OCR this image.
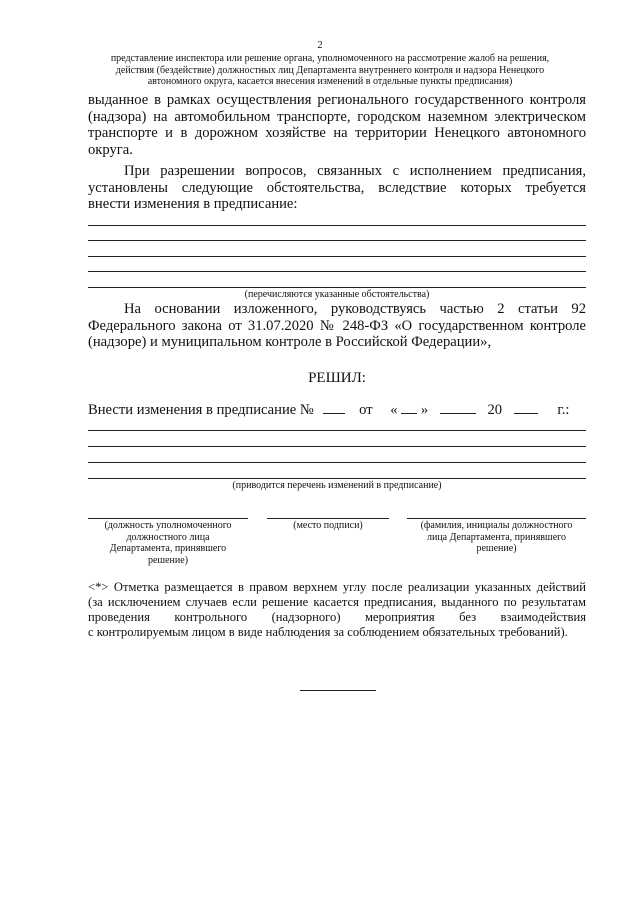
2
представление инспектора или решение органа, уполномоченного на рассмотрение жалоб на решения,
действия (бездействие) должностных лиц Департамента внутреннего контроля и надзора Ненецкого
автономного округа, касается внесения изменений в отдельные пункты предписания)
выданное в рамках осуществления регионального государственного контроля
(надзора) на автомобильном транспорте, городском наземном электрическом
транспорте и в дорожном хозяйстве на территории Ненецкого автономного
округа.
При разрешении вопросов, связанных с исполнением предписания,
установлены следующие обстоятельства, вследствие которых требуется
внести изменения в предписание:
(перечисляются указанные обстоятельства)
На основании изложенного, руководствуясь частью 2 статьи 92
Федерального закона от 31.07.2020 № 248-ФЗ «О государственном контроле
(надзоре) и муниципальном контроле в Российской Федерации»,
РЕШИЛ:
Внести изменения в предписание №	от « »	20	г.:
(приводится перечень изменений в предписание)
(должность уполномоченного
должностного лица
Департамента, принявшего
решение)
(место подписи)	(фамилия, инициалы должностного
лица Департамента, принявшего
решение)
<*> Отметка размещается в правом верхнем углу после реализации указанных действий
(за исключением случаев если решение касается предписания, выданного по результатам
проведения контрольного (надзорного) мероприятия без взаимодействия
с контролируемым лицом в виде наблюдения за соблюдением обязательных требований).
